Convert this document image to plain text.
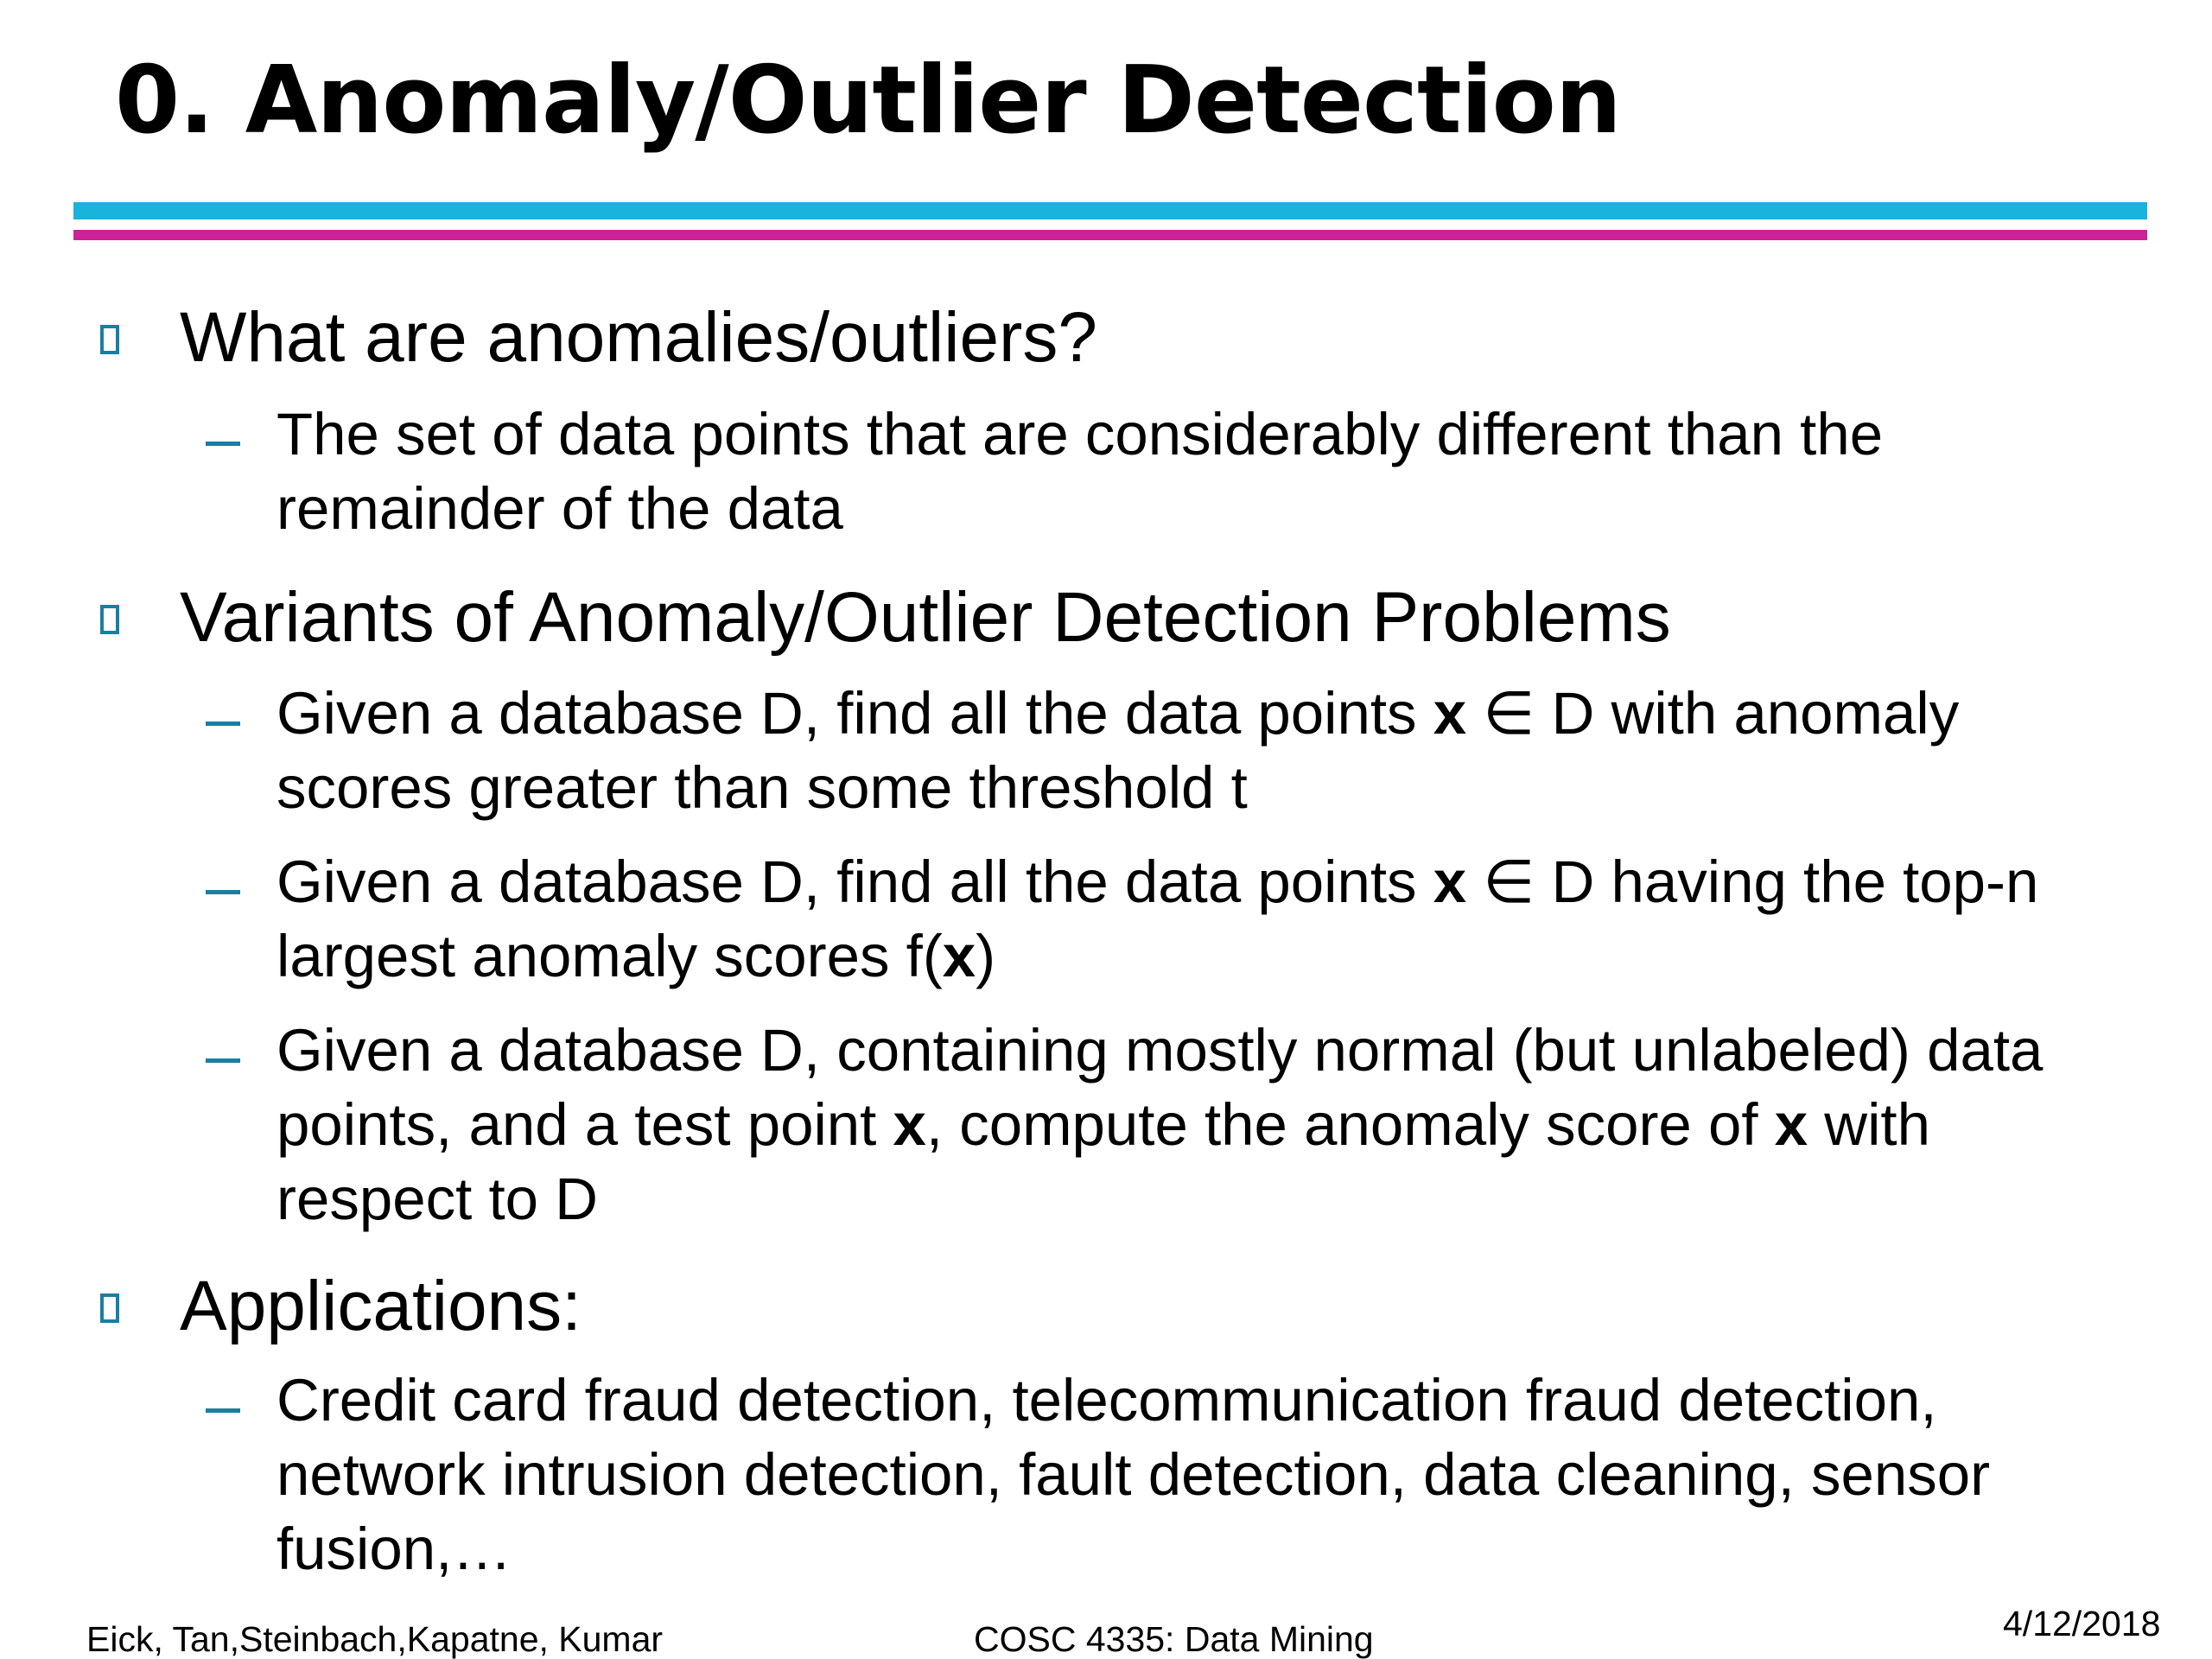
0. Anomaly/Outlier Detection
What are anomalies/outliers?
The set of data points that are considerably different than the
remainder of the data
Variants of Anomaly/Outlier Detection Problems
Given a database D, find all the data points x ∈ D with anomaly
scores greater than some threshold t
Given a database D, find all the data points x ∈ D having the top-n
largest anomaly scores f(x)
Given a database D, containing mostly normal (but unlabeled) data
points, and a test point x, compute the anomaly score of x with
respect to D
Applications:
Credit card fraud detection, telecommunication fraud detection,
network intrusion detection, fault detection, data cleaning, sensor
fusion,…
Eick, Tan,Steinbach,Kapatne, Kumar	COSC 4335: Data Mining	4/12/2018
